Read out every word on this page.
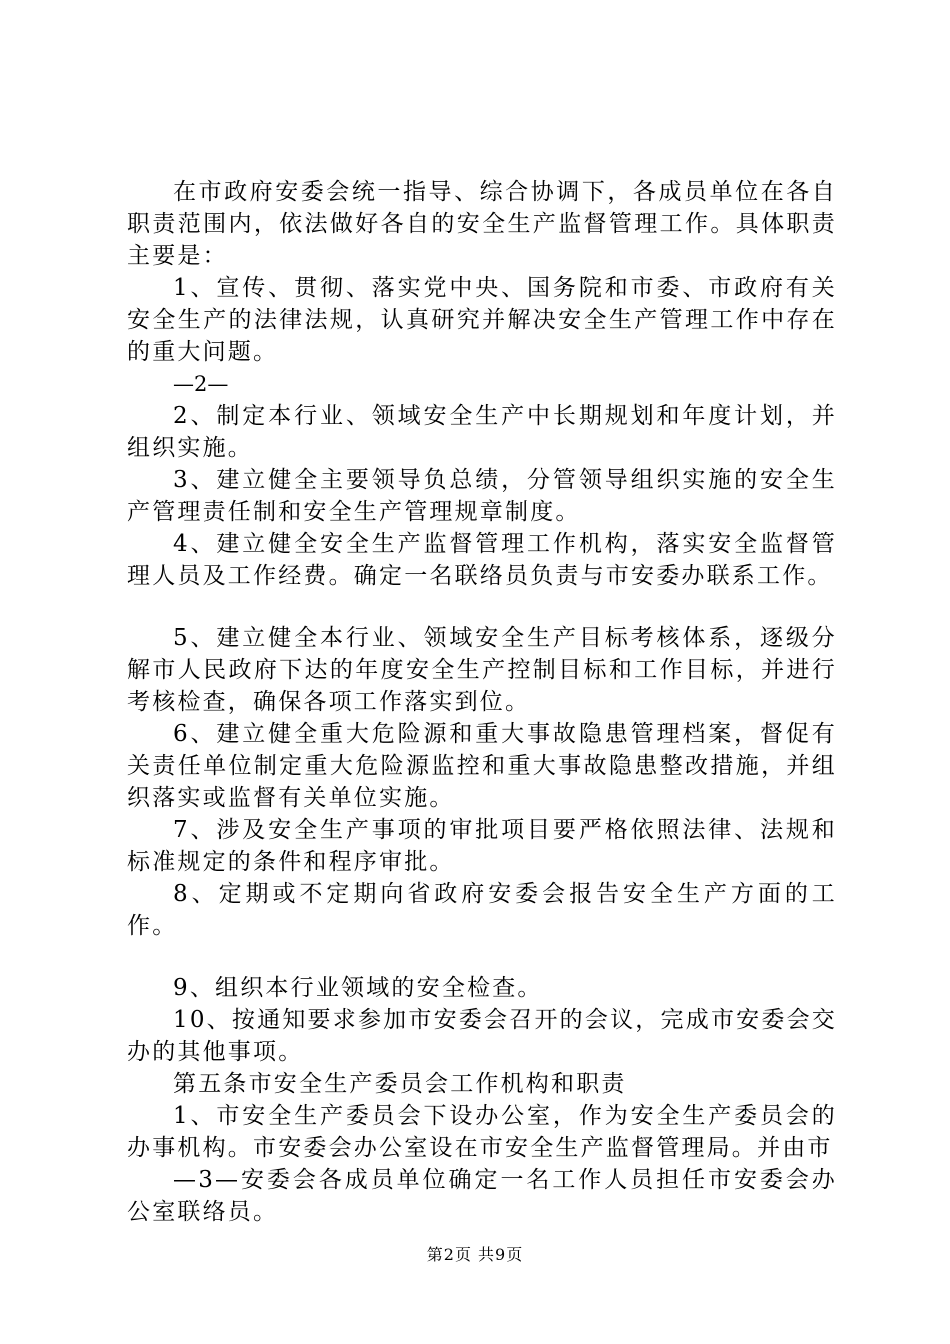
在市政府安委会统一指导、综合协调下，各成员单位在各自职责范围内，依法做好各自的安全生产监督管理工作。具体职责主要是：

1、宣传、贯彻、落实党中央、国务院和市委、市政府有关安全生产的法律法规，认真研究并解决安全生产管理工作中存在的重大问题。

—2—

2、制定本行业、领域安全生产中长期规划和年度计划，并组织实施。

3、建立健全主要领导负总绩，分管领导组织实施的安全生产管理责任制和安全生产管理规章制度。

4、建立健全安全生产监督管理工作机构，落实安全监督管理人员及工作经费。确定一名联络员负责与市安委办联系工作。

5、建立健全本行业、领域安全生产目标考核体系，逐级分解市人民政府下达的年度安全生产控制目标和工作目标，并进行考核检查，确保各项工作落实到位。

6、建立健全重大危险源和重大事故隐患管理档案，督促有关责任单位制定重大危险源监控和重大事故隐患整改措施，并组织落实或监督有关单位实施。

7、涉及安全生产事项的审批项目要严格依照法律、法规和标准规定的条件和程序审批。

8、定期或不定期向省政府安委会报告安全生产方面的工作。

9、组织本行业领域的安全检查。

10、按通知要求参加市安委会召开的会议，完成市安委会交办的其他事项。

第五条市安全生产委员会工作机构和职责

1、市安全生产委员会下设办公室，作为安全生产委员会的办事机构。市安委会办公室设在市安全生产监督管理局。并由市

—3—安委会各成员单位确定一名工作人员担任市安委会办公室联络员。

第2页 共9页
